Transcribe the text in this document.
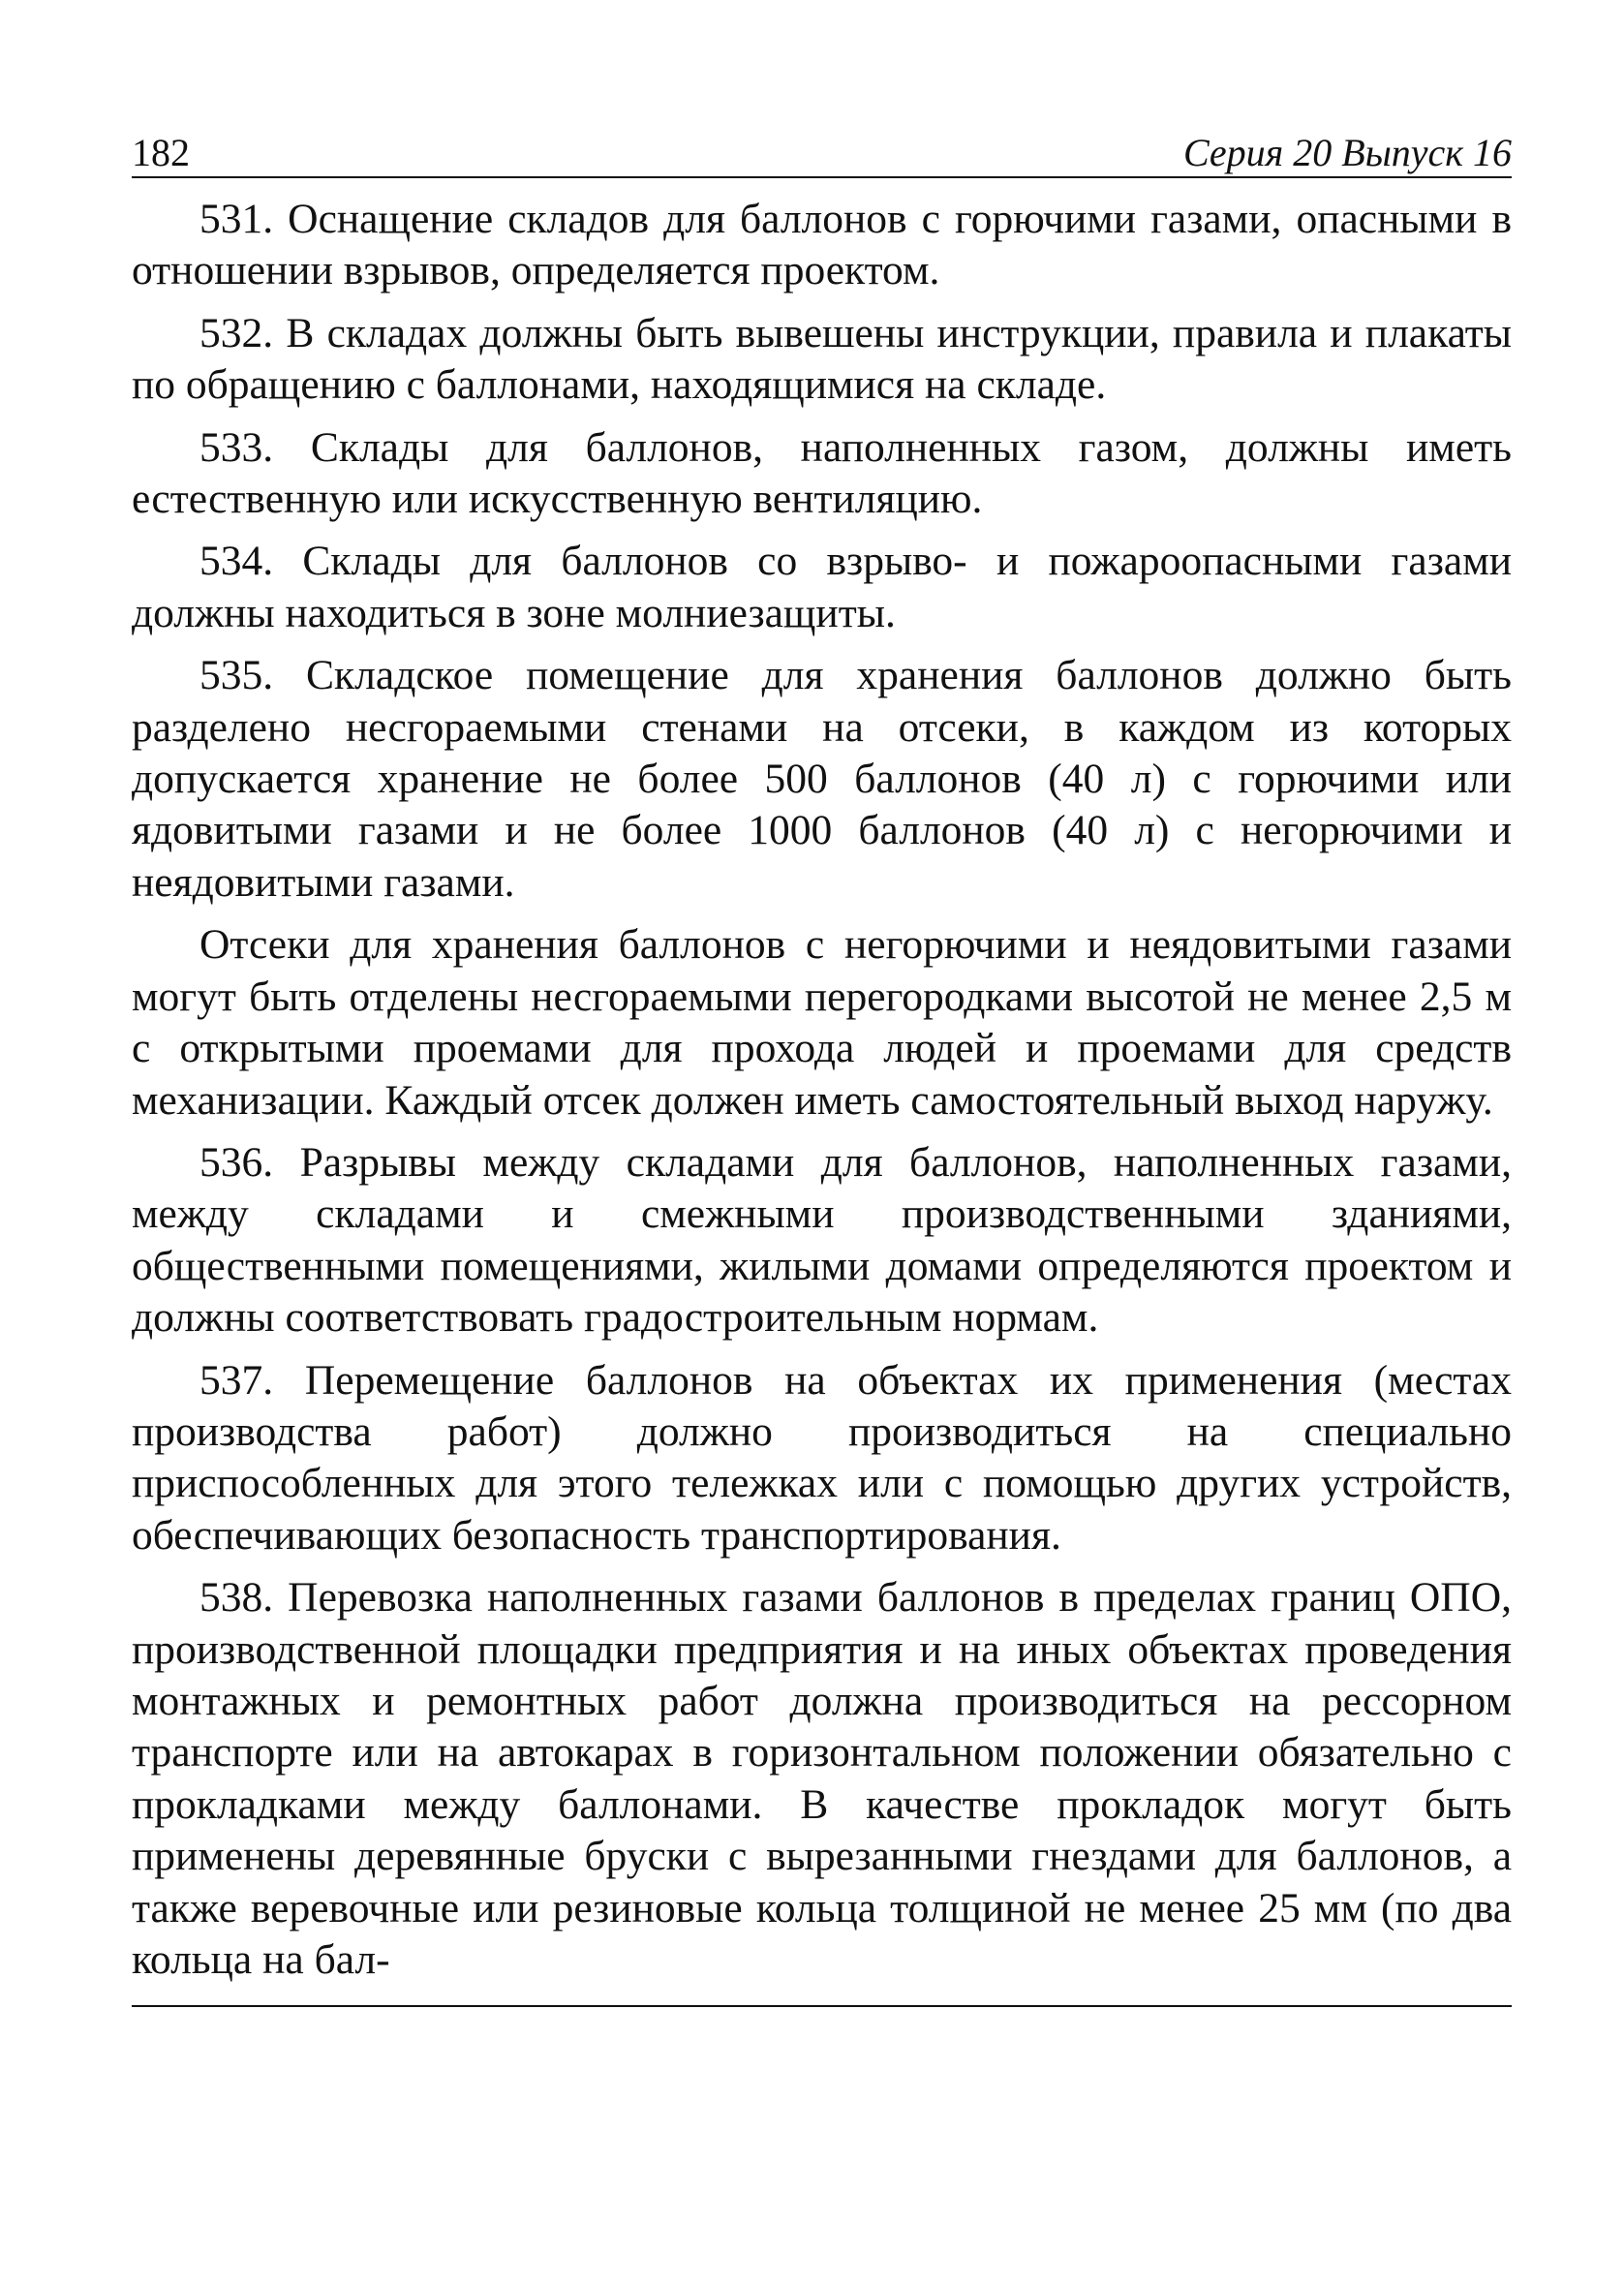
182	Серия 20 Выпуск 16

531. Оснащение складов для баллонов с горючими газами, опасными в отношении взрывов, определяется проектом.

532. В складах должны быть вывешены инструкции, правила и плакаты по обращению с баллонами, находящимися на складе.

533. Склады для баллонов, наполненных газом, должны иметь естественную или искусственную вентиляцию.

534. Склады для баллонов со взрыво- и пожароопасными газами должны находиться в зоне молниезащиты.

535. Складское помещение для хранения баллонов должно быть разделено несгораемыми стенами на отсеки, в каждом из которых допускается хранение не более 500 баллонов (40 л) с горючими или ядовитыми газами и не более 1000 баллонов (40 л) с негорючими и неядовитыми газами.

Отсеки для хранения баллонов с негорючими и неядовитыми газами могут быть отделены несгораемыми перегородками высотой не менее 2,5 м с открытыми проемами для прохода людей и проемами для средств механизации. Каждый отсек должен иметь самостоятельный выход наружу.

536. Разрывы между складами для баллонов, наполненных газами, между складами и смежными производственными зданиями, общественными помещениями, жилыми домами определяются проектом и должны соответствовать градостроительным нормам.

537. Перемещение баллонов на объектах их применения (местах производства работ) должно производиться на специально приспособленных для этого тележках или с помощью других устройств, обеспечивающих безопасность транспортирования.

538. Перевозка наполненных газами баллонов в пределах границ ОПО, производственной площадки предприятия и на иных объектах проведения монтажных и ремонтных работ должна производиться на рессорном транспорте или на автокарах в горизонтальном положении обязательно с прокладками между баллонами. В качестве прокладок могут быть применены деревянные бруски с вырезанными гнездами для баллонов, а также веревочные или резиновые кольца толщиной не менее 25 мм (по два кольца на бал-
